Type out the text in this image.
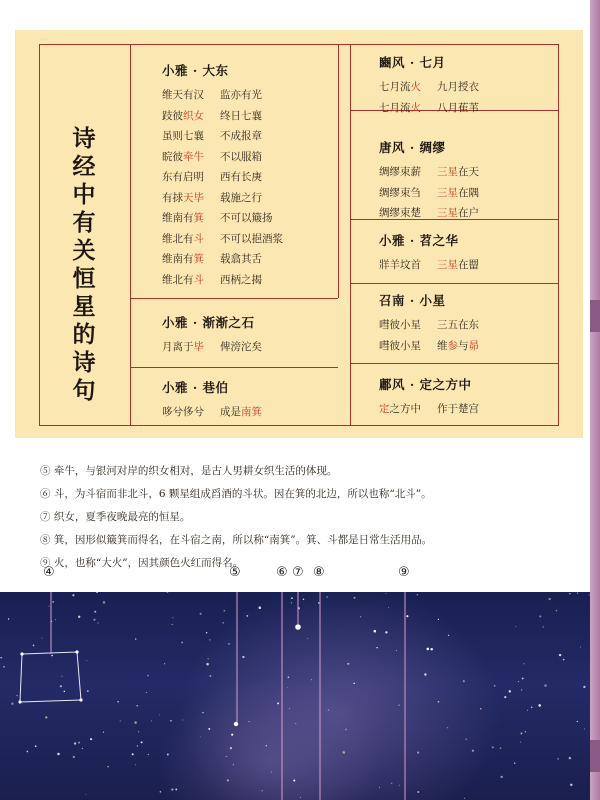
诗
经
中
有
关
恒
星
的
诗
句
小雅 · 大东
维天有汉 监亦有光
跂彼织女 终日七襄
虽则七襄 不成报章
睆彼牵牛 不以服箱
东有启明 西有长庚
有捄天毕 载施之行
维南有箕 不可以簸扬
维北有斗 不可以挹酒浆
维南有箕 载翕其舌
维北有斗 西柄之揭
小雅 · 渐渐之石
月离于毕 俾滂沱矣
小雅 · 巷伯
哆兮侈兮 成是南箕
豳风 · 七月
七月流火 九月授衣
七月流火 八月萑苇
唐风 · 绸缪
绸缪束薪 三星在天
绸缪束刍 三星在隅
绸缪束楚 三星在户
小雅 · 苕之华
牂羊坟首 三星在罶
召南 · 小星
嘒彼小星 三五在东
嘒彼小星 维参与昴
鄘风 · 定之方中
定之方中 作于楚宫
⑤ 牵牛，与银河对岸的织女相对，是古人男耕女织生活的体现。
⑥ 斗，为斗宿而非北斗，6 颗星组成舀酒的斗状。因在箕的北边，所以也称“北斗”。
⑦ 织女，夏季夜晚最亮的恒星。
⑧ 箕，因形似簸箕而得名，在斗宿之南，所以称“南箕”。箕、斗都是日常生活用品。
⑨ 火，也称“大火”，因其颜色火红而得名。
④	⑤	⑥ ⑦ ⑧	⑨
